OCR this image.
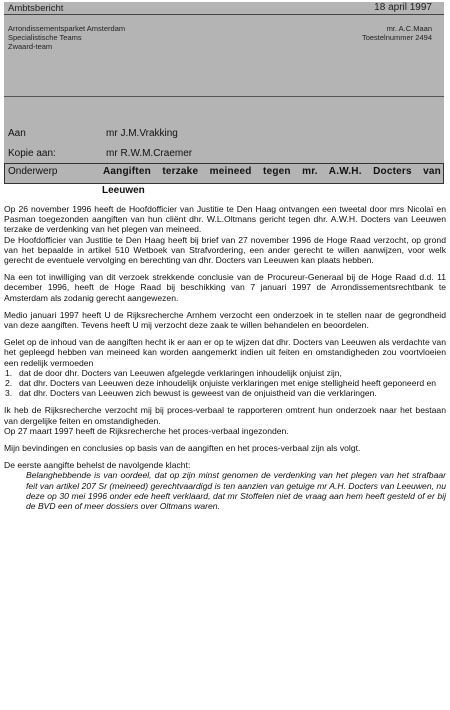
Ambtsbericht	18 april 1997
Arrondissementsparket Amsterdam
Specialistische Teams
Zwaard-team
mr. A.C.Maan
Toestelnummer 2494
Aan	mr J.M.Vrakking
Kopie aan:	mr R.W.M.Craemer
Onderwerp	Aangiften terzake meineed tegen mr. A.W.H. Docters van
Leeuwen

Op 26 november 1996 heeft de Hoofdofficier van Justitie te Den Haag ontvangen een tweetal door mrs Nicolaï en Pasman toegezonden aangiften van hun cliënt dhr. W.L.Oltmans gericht tegen dhr. A.W.H. Docters van Leeuwen terzake de verdenking van het plegen van meineed.

De Hoofdofficier van Justitie te Den Haag heeft bij brief van 27 november 1996 de Hoge Raad verzocht, op grond van het bepaalde in artikel 510 Wetboek van Strafvordering, een ander gerecht te willen aanwijzen, voor welk gerecht de eventuele vervolging en berechting van dhr. Docters van Leeuwen kan plaats hebben.

Na een tot inwilliging van dit verzoek strekkende conclusie van de Procureur-Generaal bij de Hoge Raad d.d. 11 december 1996, heeft de Hoge Raad bij beschikking van 7 januari 1997 de Arrondissementsrechtbank te Amsterdam als zodanig gerecht aangewezen.

Medio januari 1997 heeft U de Rijksrecherche Arnhem verzocht een onderzoek in te stellen naar de gegrondheid van deze aangiften. Tevens heeft U mij verzocht deze zaak te willen behandelen en beoordelen.

Gelet op de inhoud van de aangiften hecht ik er aan er op te wijzen dat dhr. Docters van Leeuwen als verdachte van het gepleegd hebben van meineed kan worden aangemerkt indien uit feiten en omstandigheden zou voortvloeien een redelijk vermoeden

1. dat de door dhr. Docters van Leeuwen afgelegde verklaringen inhoudelijk onjuist zijn,
2. dat dhr. Docters van Leeuwen deze inhoudelijk onjuiste verklaringen met enige stelligheid heeft geponeerd en
3. dat dhr. Docters van Leeuwen zich bewust is geweest van de onjuistheid van die verklaringen.

Ik heb de Rijksrecherche verzocht mij bij proces-verbaal te rapporteren omtrent hun onderzoek naar het bestaan van dergelijke feiten en omstandigheden.

Op 27 maart 1997 heeft de Rijksrecherche het proces-verbaal ingezonden.

Mijn bevindingen en conclusies op basis van de aangiften en het proces-verbaal zijn als volgt.

De eerste aangifte behelst de navolgende klacht:

Belanghebbende is van oordeel, dat op zijn minst genomen de verdenking van het plegen van het strafbaar feit van artikel 207 Sr (meineed) gerechtvaardigd is ten aanzien van getuige mr A.H. Docters van Leeuwen, nu deze op 30 mei 1996 onder ede heeft verklaard, dat mr Stoffelen niet de vraag aan hem heeft gesteld of er bij de BVD een of meer dossiers over Oltmans waren.
